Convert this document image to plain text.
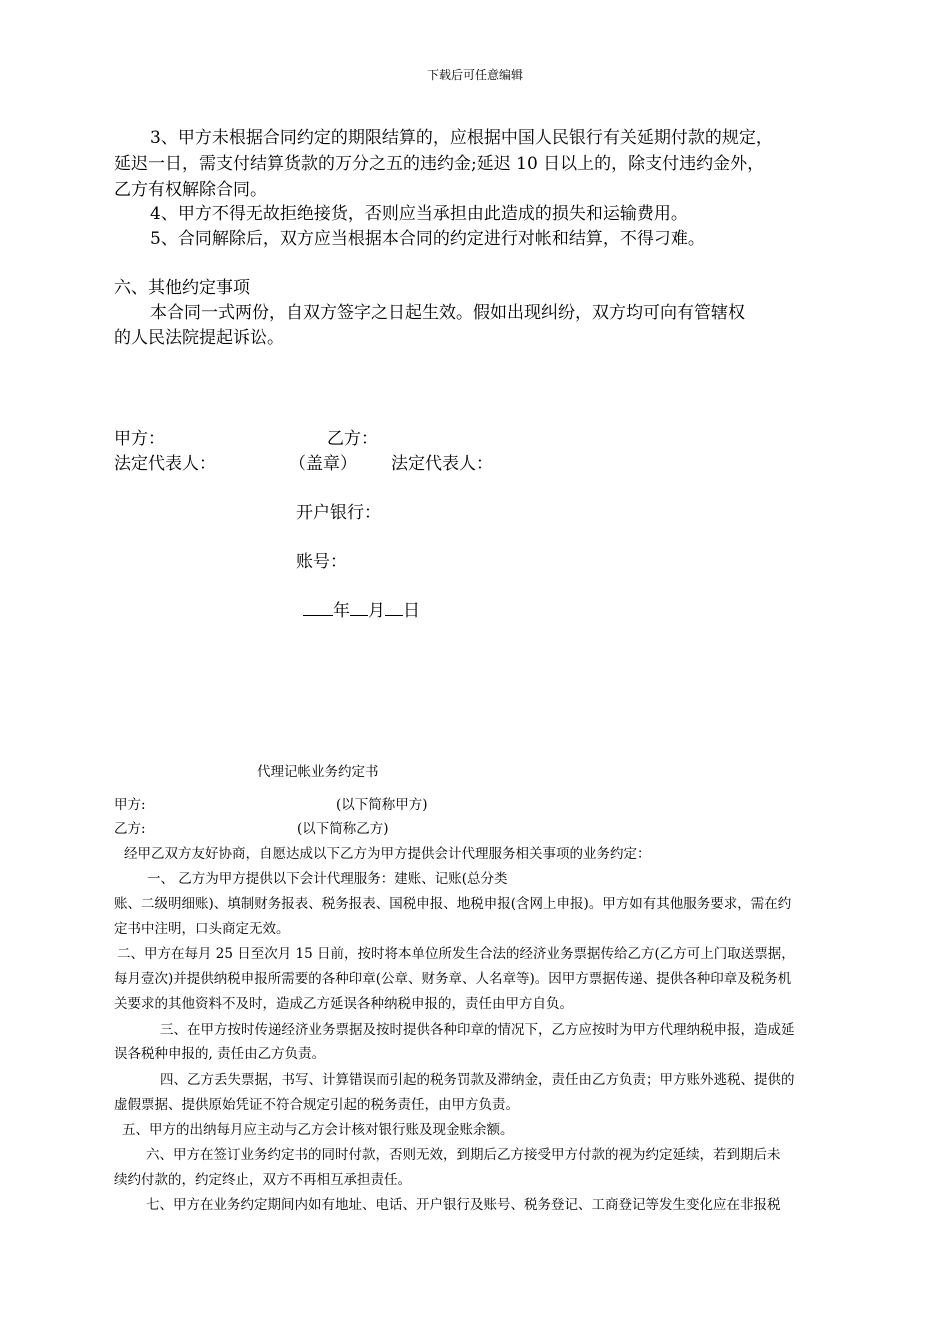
下载后可任意编辑
3、甲方未根据合同约定的期限结算的，应根据中国人民银行有关延期付款的规定，
延迟一日，需支付结算货款的万分之五的违约金;延迟 10 日以上的，除支付违约金外，
乙方有权解除合同。
4、甲方不得无故拒绝接货，否则应当承担由此造成的损失和运输费用。
5、合同解除后，双方应当根据本合同的约定进行对帐和结算，不得刁难。
六、其他约定事项
本合同一式两份，自双方签字之日起生效。假如出现纠纷，双方均可向有管辖权
的人民法院提起诉讼。
甲方：	乙方：
法定代表人：	（盖章） 法定代表人：
开户银行：
账号：
年 月 日
代理记帐业务约定书
甲方:	(以下简称甲方)
乙方:	(以下简称乙方)
经甲乙双方友好协商，自愿达成以下乙方为甲方提供会计代理服务相关事项的业务约定：
一、 乙方为甲方提供以下会计代理服务：建账、记账(总分类
账、二级明细账)、填制财务报表、税务报表、国税申报、地税申报(含网上申报)。甲方如有其他服务要求，需在约
定书中注明，口头商定无效。
二、甲方在每月 25 日至次月 15 日前，按时将本单位所发生合法的经济业务票据传给乙方(乙方可上门取送票据，
每月壹次)并提供纳税申报所需要的各种印章(公章、财务章、人名章等)。因甲方票据传递、提供各种印章及税务机
关要求的其他资料不及时，造成乙方延误各种纳税申报的，责任由甲方自负。
三、在甲方按时传递经济业务票据及按时提供各种印章的情况下，乙方应按时为甲方代理纳税申报，造成延
误各税种申报的, 责任由乙方负责。
四、乙方丢失票据，书写、计算错误而引起的税务罚款及滞纳金，责任由乙方负责；甲方账外逃税、提供的
虚假票据、提供原始凭证不符合规定引起的税务责任，由甲方负责。
五、甲方的出纳每月应主动与乙方会计核对银行账及现金账余额。
六、甲方在签订业务约定书的同时付款，否则无效，到期后乙方接受甲方付款的视为约定延续，若到期后未
续约付款的，约定终止，双方不再相互承担责任。
七、甲方在业务约定期间内如有地址、电话、开户银行及账号、税务登记、工商登记等发生变化应在非报税
